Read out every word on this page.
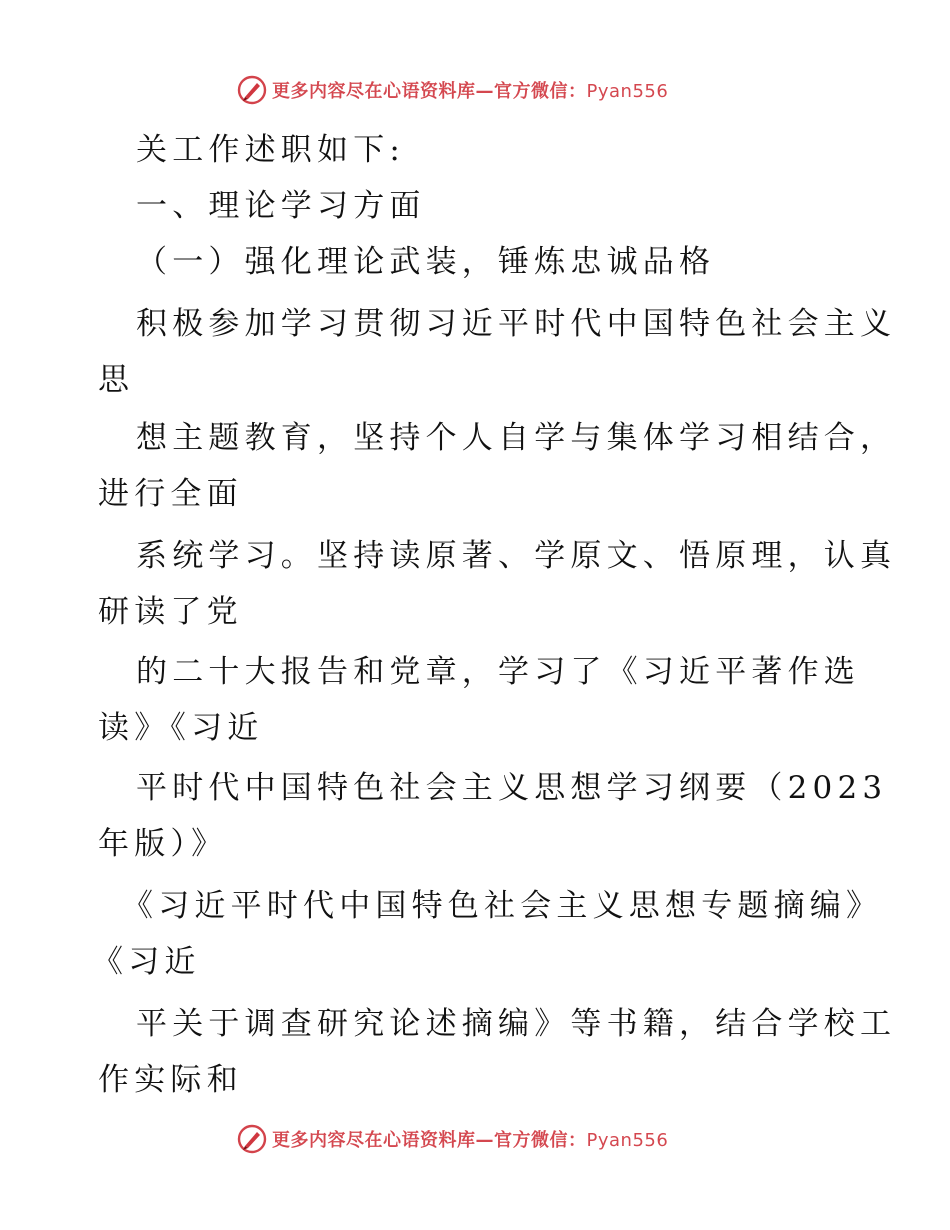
更多内容尽在心语资料库—官方微信：Pyan556
关工作述职如下:
一、理论学习方面
（一）强化理论武装，锤炼忠诚品格
积极参加学习贯彻习近平时代中国特色社会主义
思
想主题教育，坚持个人自学与集体学习相结合，
进行全面
系统学习。坚持读原著、学原文、悟原理，认真
研读了党
的二十大报告和党章，学习了《习近平著作选
读》《习近
平时代中国特色社会主义思想学习纲要（2023
年版）》
《习近平时代中国特色社会主义思想专题摘编》
《习近
平关于调查研究论述摘编》等书籍，结合学校工
作实际和
更多内容尽在心语资料库—官方微信：Pyan556
